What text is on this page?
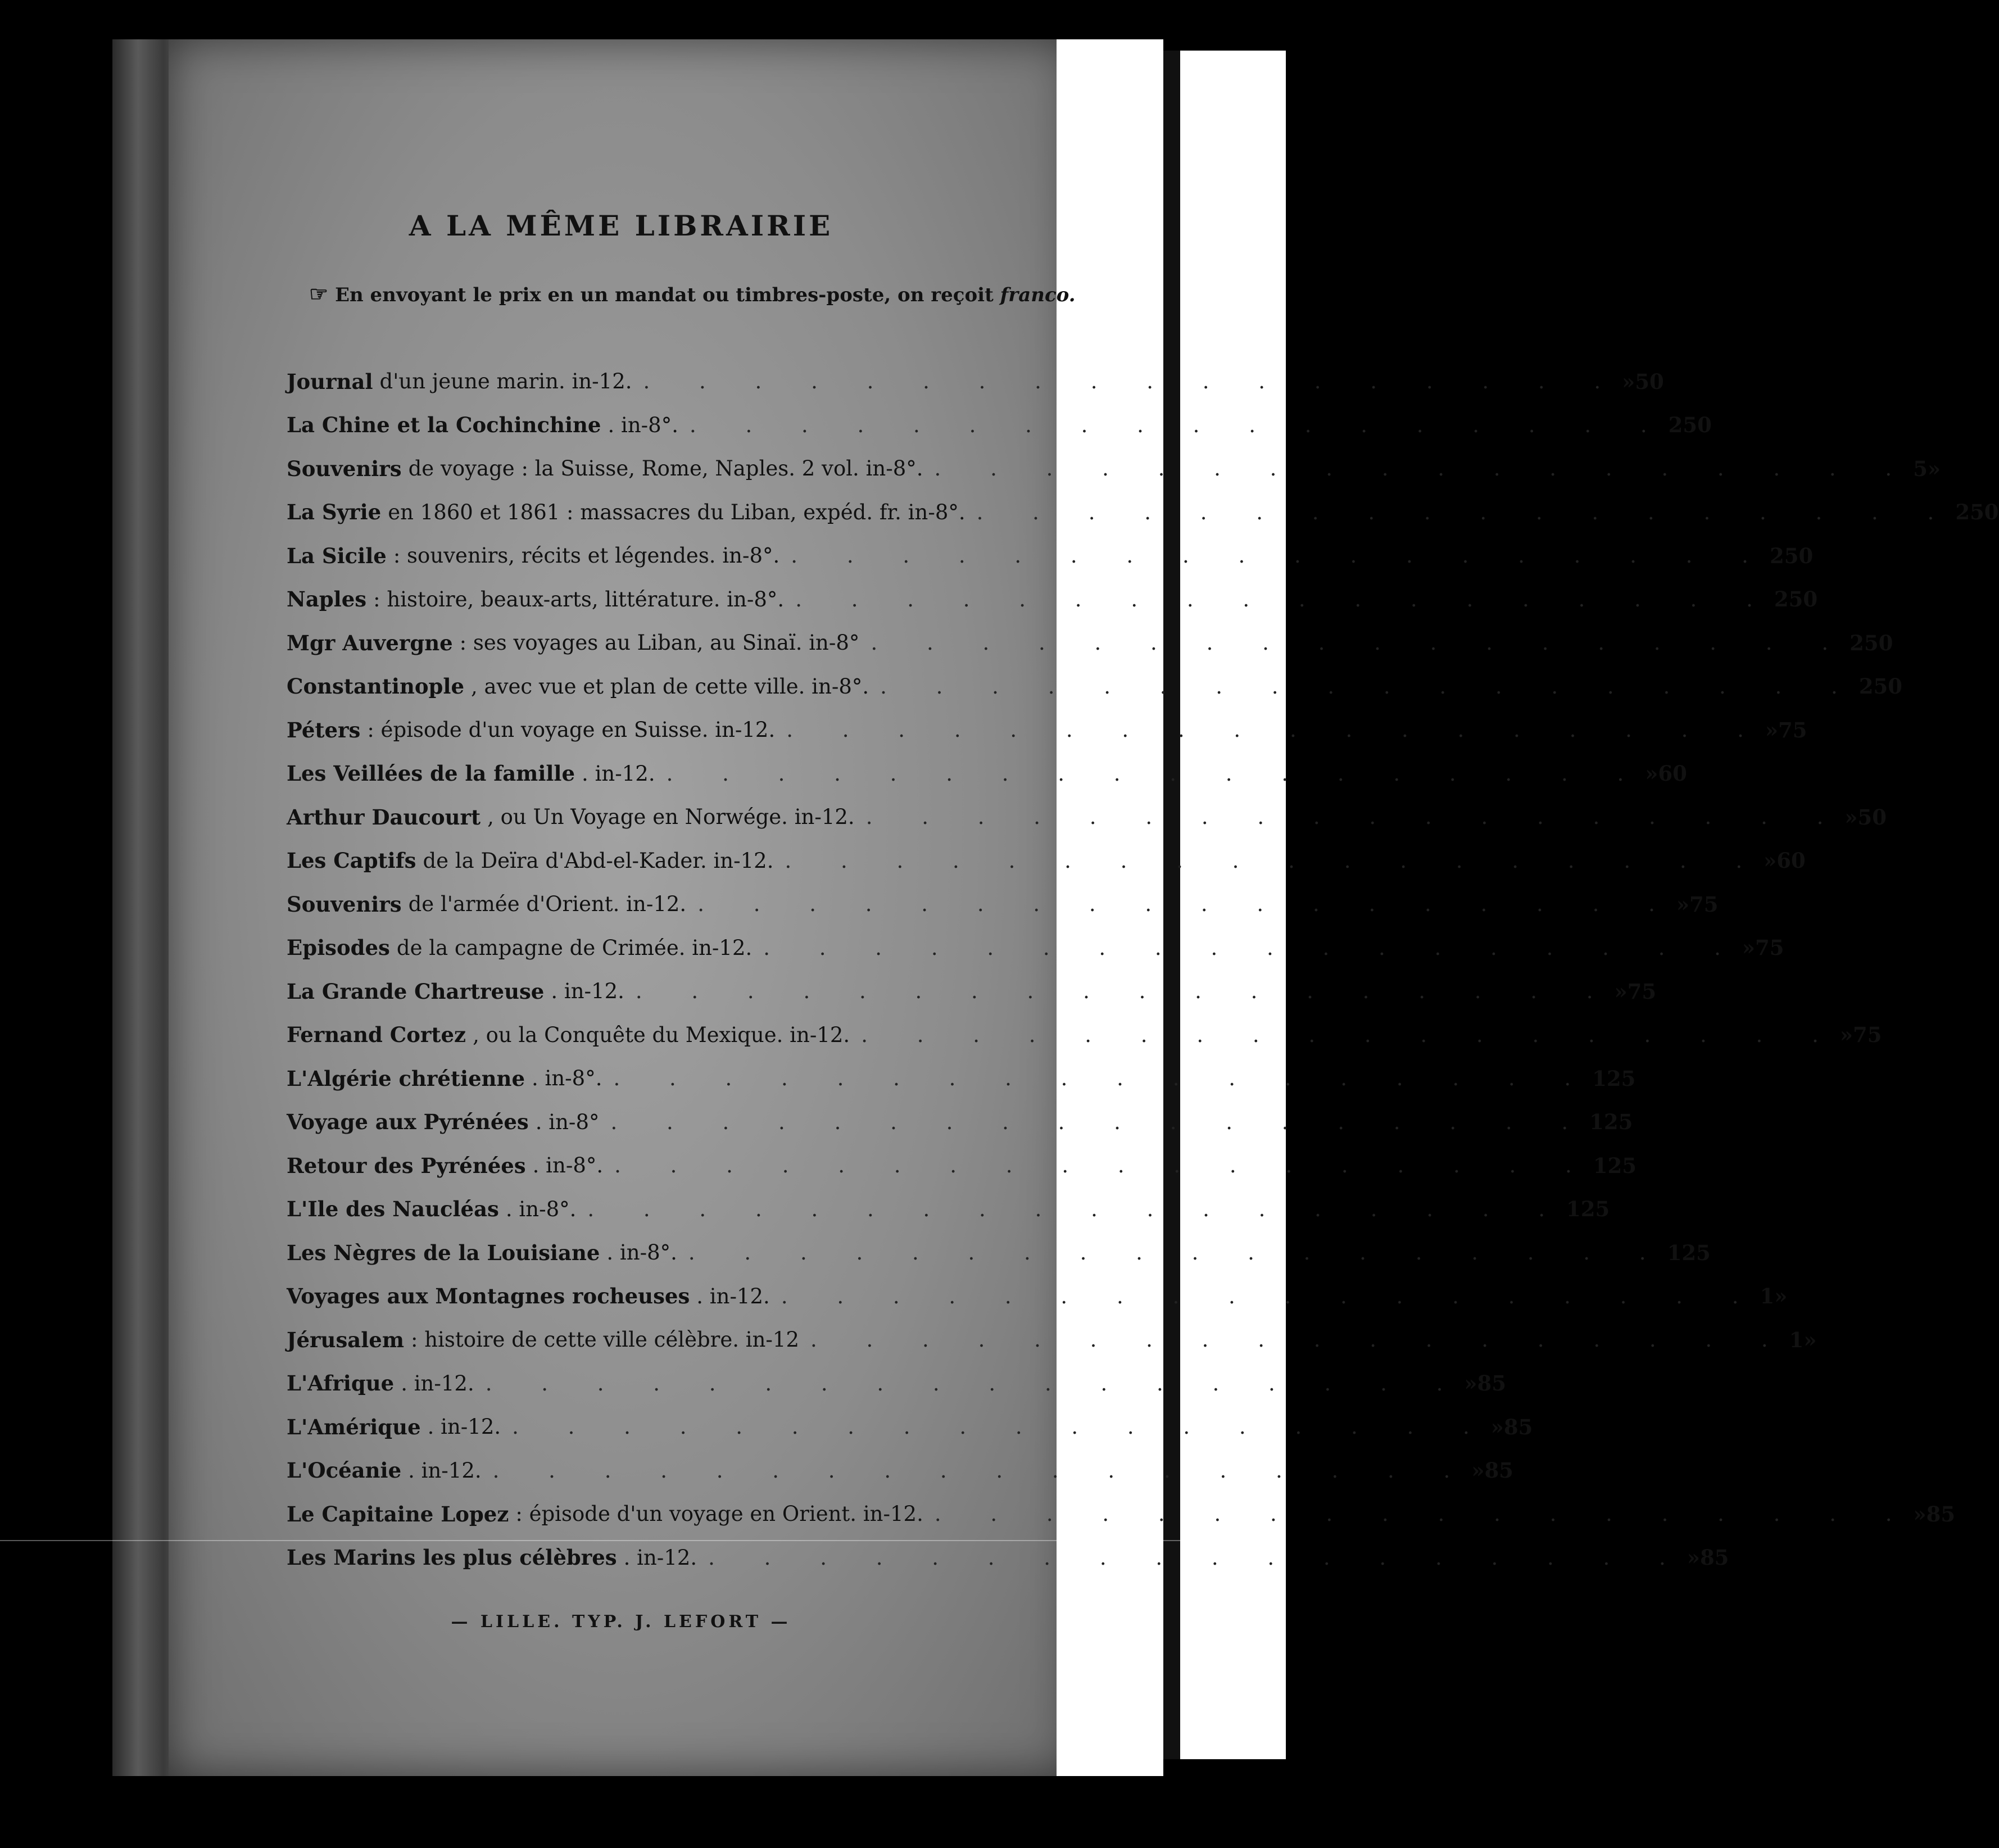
A LA MÊME LIBRAIRIE
☞ En envoyant le prix en un mandat ou timbres-poste, on reçoit franco.
Journal d'un jeune marin. in-12. . . . . . . . . . . . . . . . . . . » 50
La Chine et la Cochinchine . in-8°. . . . . . . . . . . . . . . . . . . 2 50
Souvenirs de voyage : la Suisse, Rome, Naples. 2 vol. in-8°. . . . . . . . . . . . . . . . . . . 5 »
La Syrie en 1860 et 1861 : massacres du Liban, expéd. fr. in-8°. . . . . . . . . . . . . . . . . . . 2 50
La Sicile : souvenirs, récits et légendes. in-8°. . . . . . . . . . . . . . . . . . . 2 50
Naples : histoire, beaux-arts, littérature. in-8°. . . . . . . . . . . . . . . . . . . 2 50
Mgr Auvergne : ses voyages au Liban, au Sinaï. in-8° . . . . . . . . . . . . . . . . . . 2 50
Constantinople , avec vue et plan de cette ville. in-8°. . . . . . . . . . . . . . . . . . . 2 50
Péters : épisode d'un voyage en Suisse. in-12. . . . . . . . . . . . . . . . . . . » 75
Les Veillées de la famille . in-12. . . . . . . . . . . . . . . . . . . » 60
Arthur Daucourt , ou Un Voyage en Norwége. in-12. . . . . . . . . . . . . . . . . . . » 50
Les Captifs de la Deïra d'Abd-el-Kader. in-12. . . . . . . . . . . . . . . . . . . » 60
Souvenirs de l'armée d'Orient. in-12. . . . . . . . . . . . . . . . . . . » 75
Episodes de la campagne de Crimée. in-12. . . . . . . . . . . . . . . . . . . » 75
La Grande Chartreuse . in-12. . . . . . . . . . . . . . . . . . . » 75
Fernand Cortez , ou la Conquête du Mexique. in-12. . . . . . . . . . . . . . . . . . . » 75
L'Algérie chrétienne . in-8°. . . . . . . . . . . . . . . . . . . 1 25
Voyage aux Pyrénées . in-8° . . . . . . . . . . . . . . . . . . 1 25
Retour des Pyrénées . in-8°. . . . . . . . . . . . . . . . . . . 1 25
L'Ile des Naucléas . in-8°. . . . . . . . . . . . . . . . . . . 1 25
Les Nègres de la Louisiane . in-8°. . . . . . . . . . . . . . . . . . . 1 25
Voyages aux Montagnes rocheuses . in-12. . . . . . . . . . . . . . . . . . . 1 »
Jérusalem : histoire de cette ville célèbre. in-12 . . . . . . . . . . . . . . . . . . 1 »
L'Afrique . in-12. . . . . . . . . . . . . . . . . . . » 85
L'Amérique . in-12. . . . . . . . . . . . . . . . . . . » 85
L'Océanie . in-12. . . . . . . . . . . . . . . . . . . » 85
Le Capitaine Lopez : épisode d'un voyage en Orient. in-12. . . . . . . . . . . . . . . . . . . » 85
Les Marins les plus célèbres . in-12. . . . . . . . . . . . . . . . . . . » 85
— LILLE. TYP. J. LEFORT —
